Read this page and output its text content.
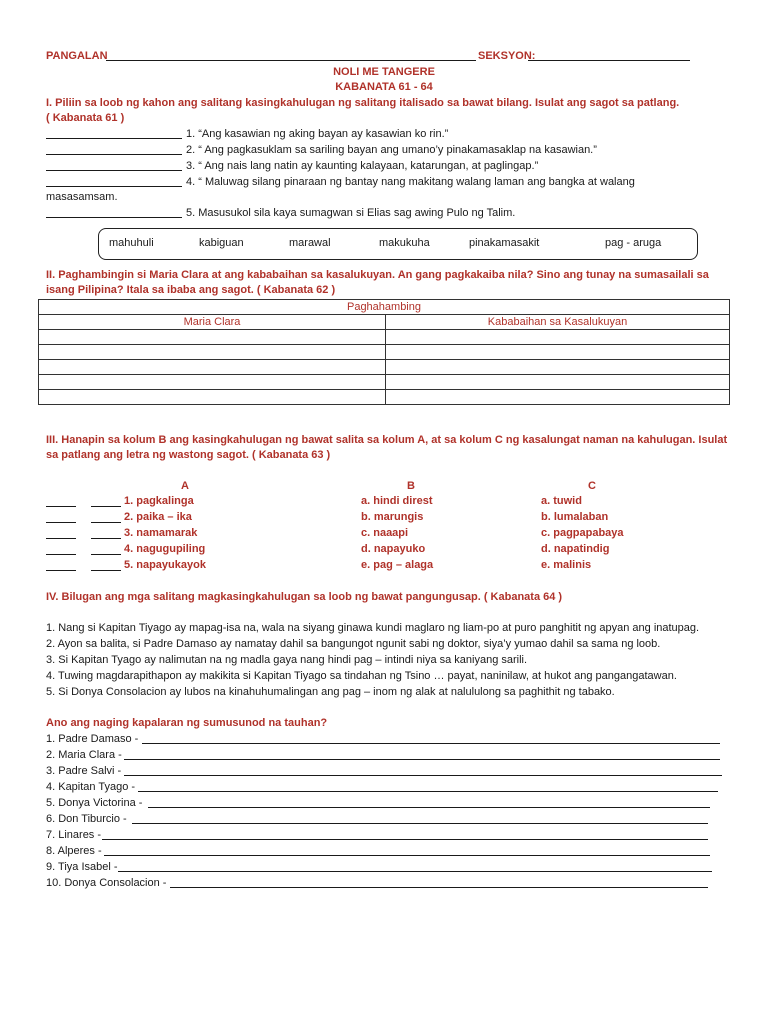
PANGALAN	SEKSYON:
NOLI ME TANGERE
KABANATA 61 - 64
I. Piliin sa loob ng kahon ang salitang kasingkahulugan ng salitang italisado sa bawat bilang. Isulat ang sagot sa patlang.
( Kabanata 61 )
1. “Ang kasawian ng aking bayan ay kasawian ko rin.”
2. “ Ang pagkasuklam sa sariling bayan ang umano’y pinakamasaklap na kasawian.”
3. “ Ang nais lang natin ay kaunting kalayaan, katarungan, at paglingap.”
4. “ Maluwag silang pinaraan ng bantay nang makitang walang laman ang bangka at walang
masasamsam.
5. Masusukol sila kaya sumagwan si Elias sag awing Pulo ng Talim.
mahuhuli	kabiguan	marawal	makukuha	pinakamasakit	pag - aruga
II. Paghambingin si Maria Clara at ang kababaihan sa kasalukuyan. An gang pagkakaiba nila? Sino ang tunay na sumasailali sa
isang Pilipina? Itala sa ibaba ang sagot. ( Kabanata 62 )
Paghahambing	
Maria Clara	Kababaihan sa Kasalukuyan

III. Hanapin sa kolum B ang kasingkahulugan ng bawat salita sa kolum A, at sa kolum C ng kasalungat naman na kahulugan. Isulat
sa patlang ang letra ng wastong sagot. ( Kabanata 63 )
A	B	C
1. pagkalinga	a. hindi direst	a. tuwid
2. paika – ika	b. marungis	b. lumalaban
3. namamarak	c. naaapi	c. pagpapabaya
4. nagugupiling	d. napayuko	d. napatindig
5. napayukayok	e. pag – alaga	e. malinis
IV. Bilugan ang mga salitang magkasingkahulugan sa loob ng bawat pangungusap. ( Kabanata 64 )
1. Nang si Kapitan Tiyago ay mapag-isa na, wala na siyang ginawa kundi maglaro ng liam-po at puro panghitit ng apyan ang inatupag.
2. Ayon sa balita, si Padre Damaso ay namatay dahil sa bangungot ngunit sabi ng doktor, siya’y yumao dahil sa sama ng loob.
3. Si Kapitan Tyago ay nalimutan na ng madla gaya nang hindi pag – intindi niya sa kaniyang sarili.
4. Tuwing magdarapithapon ay makikita si Kapitan Tiyago sa tindahan ng Tsino … payat, naninilaw, at hukot ang pangangatawan.
5. Si Donya Consolacion ay lubos na kinahuhumalingan ang pag – inom ng alak at nalululong sa paghithit ng tabako.
Ano ang naging kapalaran ng sumusunod na tauhan?
1. Padre Damaso -
2. Maria Clara -
3. Padre Salvi -
4. Kapitan Tyago -
5. Donya Victorina -
6. Don Tiburcio -
7. Linares -
8. Alperes -
9. Tiya Isabel -
10. Donya Consolacion -
